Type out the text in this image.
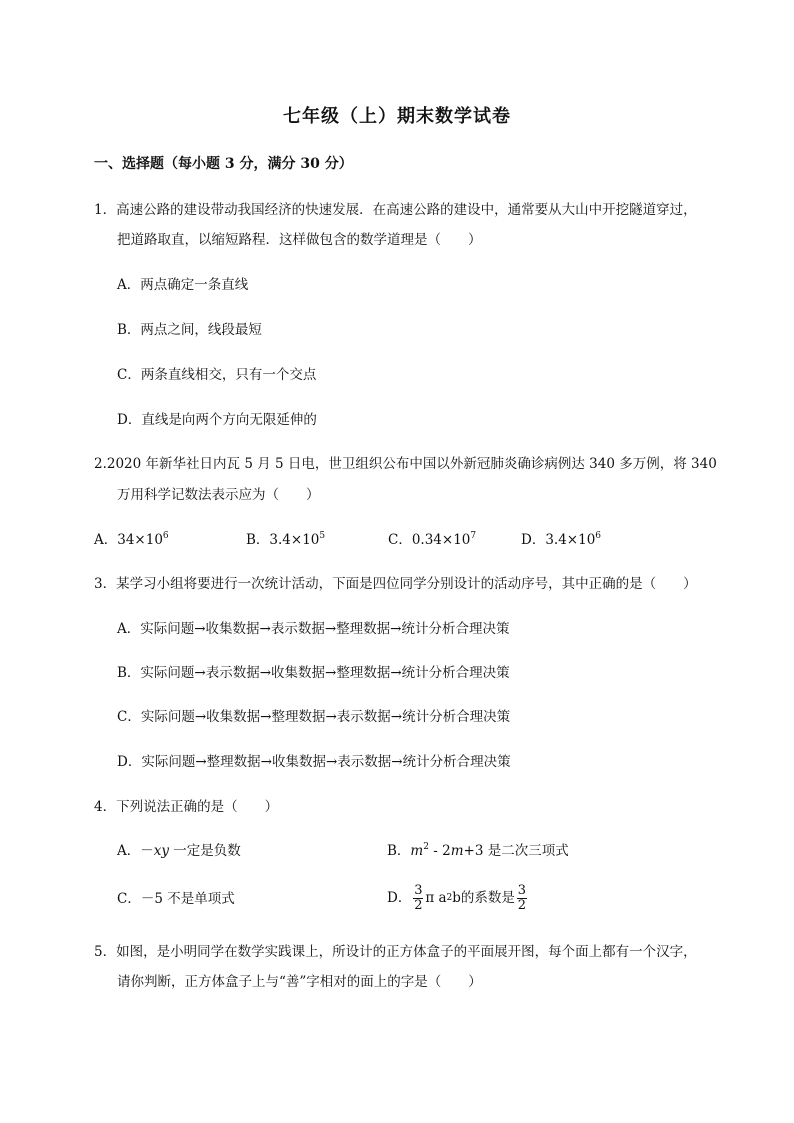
七年级（上）期末数学试卷
一、选择题（每小题 3 分，满分 30 分）
1．高速公路的建设带动我国经济的快速发展．在高速公路的建设中，通常要从大山中开挖隧道穿过，
把道路取直，以缩短路程．这样做包含的数学道理是（　　）
A．两点确定一条直线
B．两点之间，线段最短
C．两条直线相交，只有一个交点
D．直线是向两个方向无限延伸的
2.2020 年新华社日内瓦 5 月 5 日电，世卫组织公布中国以外新冠肺炎确诊病例达 340 多万例，将 340
万用科学记数法表示应为（　　）
A．$34\times 10^6$	B．$3.4\times 10^5$	C．$0.34\times 10^7$	D．$3.4\times 10^6$
3．某学习小组将要进行一次统计活动，下面是四位同学分别设计的活动序号，其中正确的是（　　）
A．实际问题→收集数据→表示数据→整理数据→统计分析合理决策
B．实际问题→表示数据→收集数据→整理数据→统计分析合理决策
C．实际问题→收集数据→整理数据→表示数据→统计分析合理决策
D．实际问题→整理数据→收集数据→表示数据→统计分析合理决策
4．下列说法正确的是（　　）
A．－xy 一定是负数	B．$m^2 - 2m+3$ 是二次三项式
C．－5 不是单项式	D． $\frac{3}{2}$ π a 2 b的系数是 $\frac{3}{2}$
5．如图，是小明同学在数学实践课上，所设计的正方体盒子的平面展开图，每个面上都有一个汉字，
请你判断，正方体盒子上与“善”字相对的面上的字是（　　）
